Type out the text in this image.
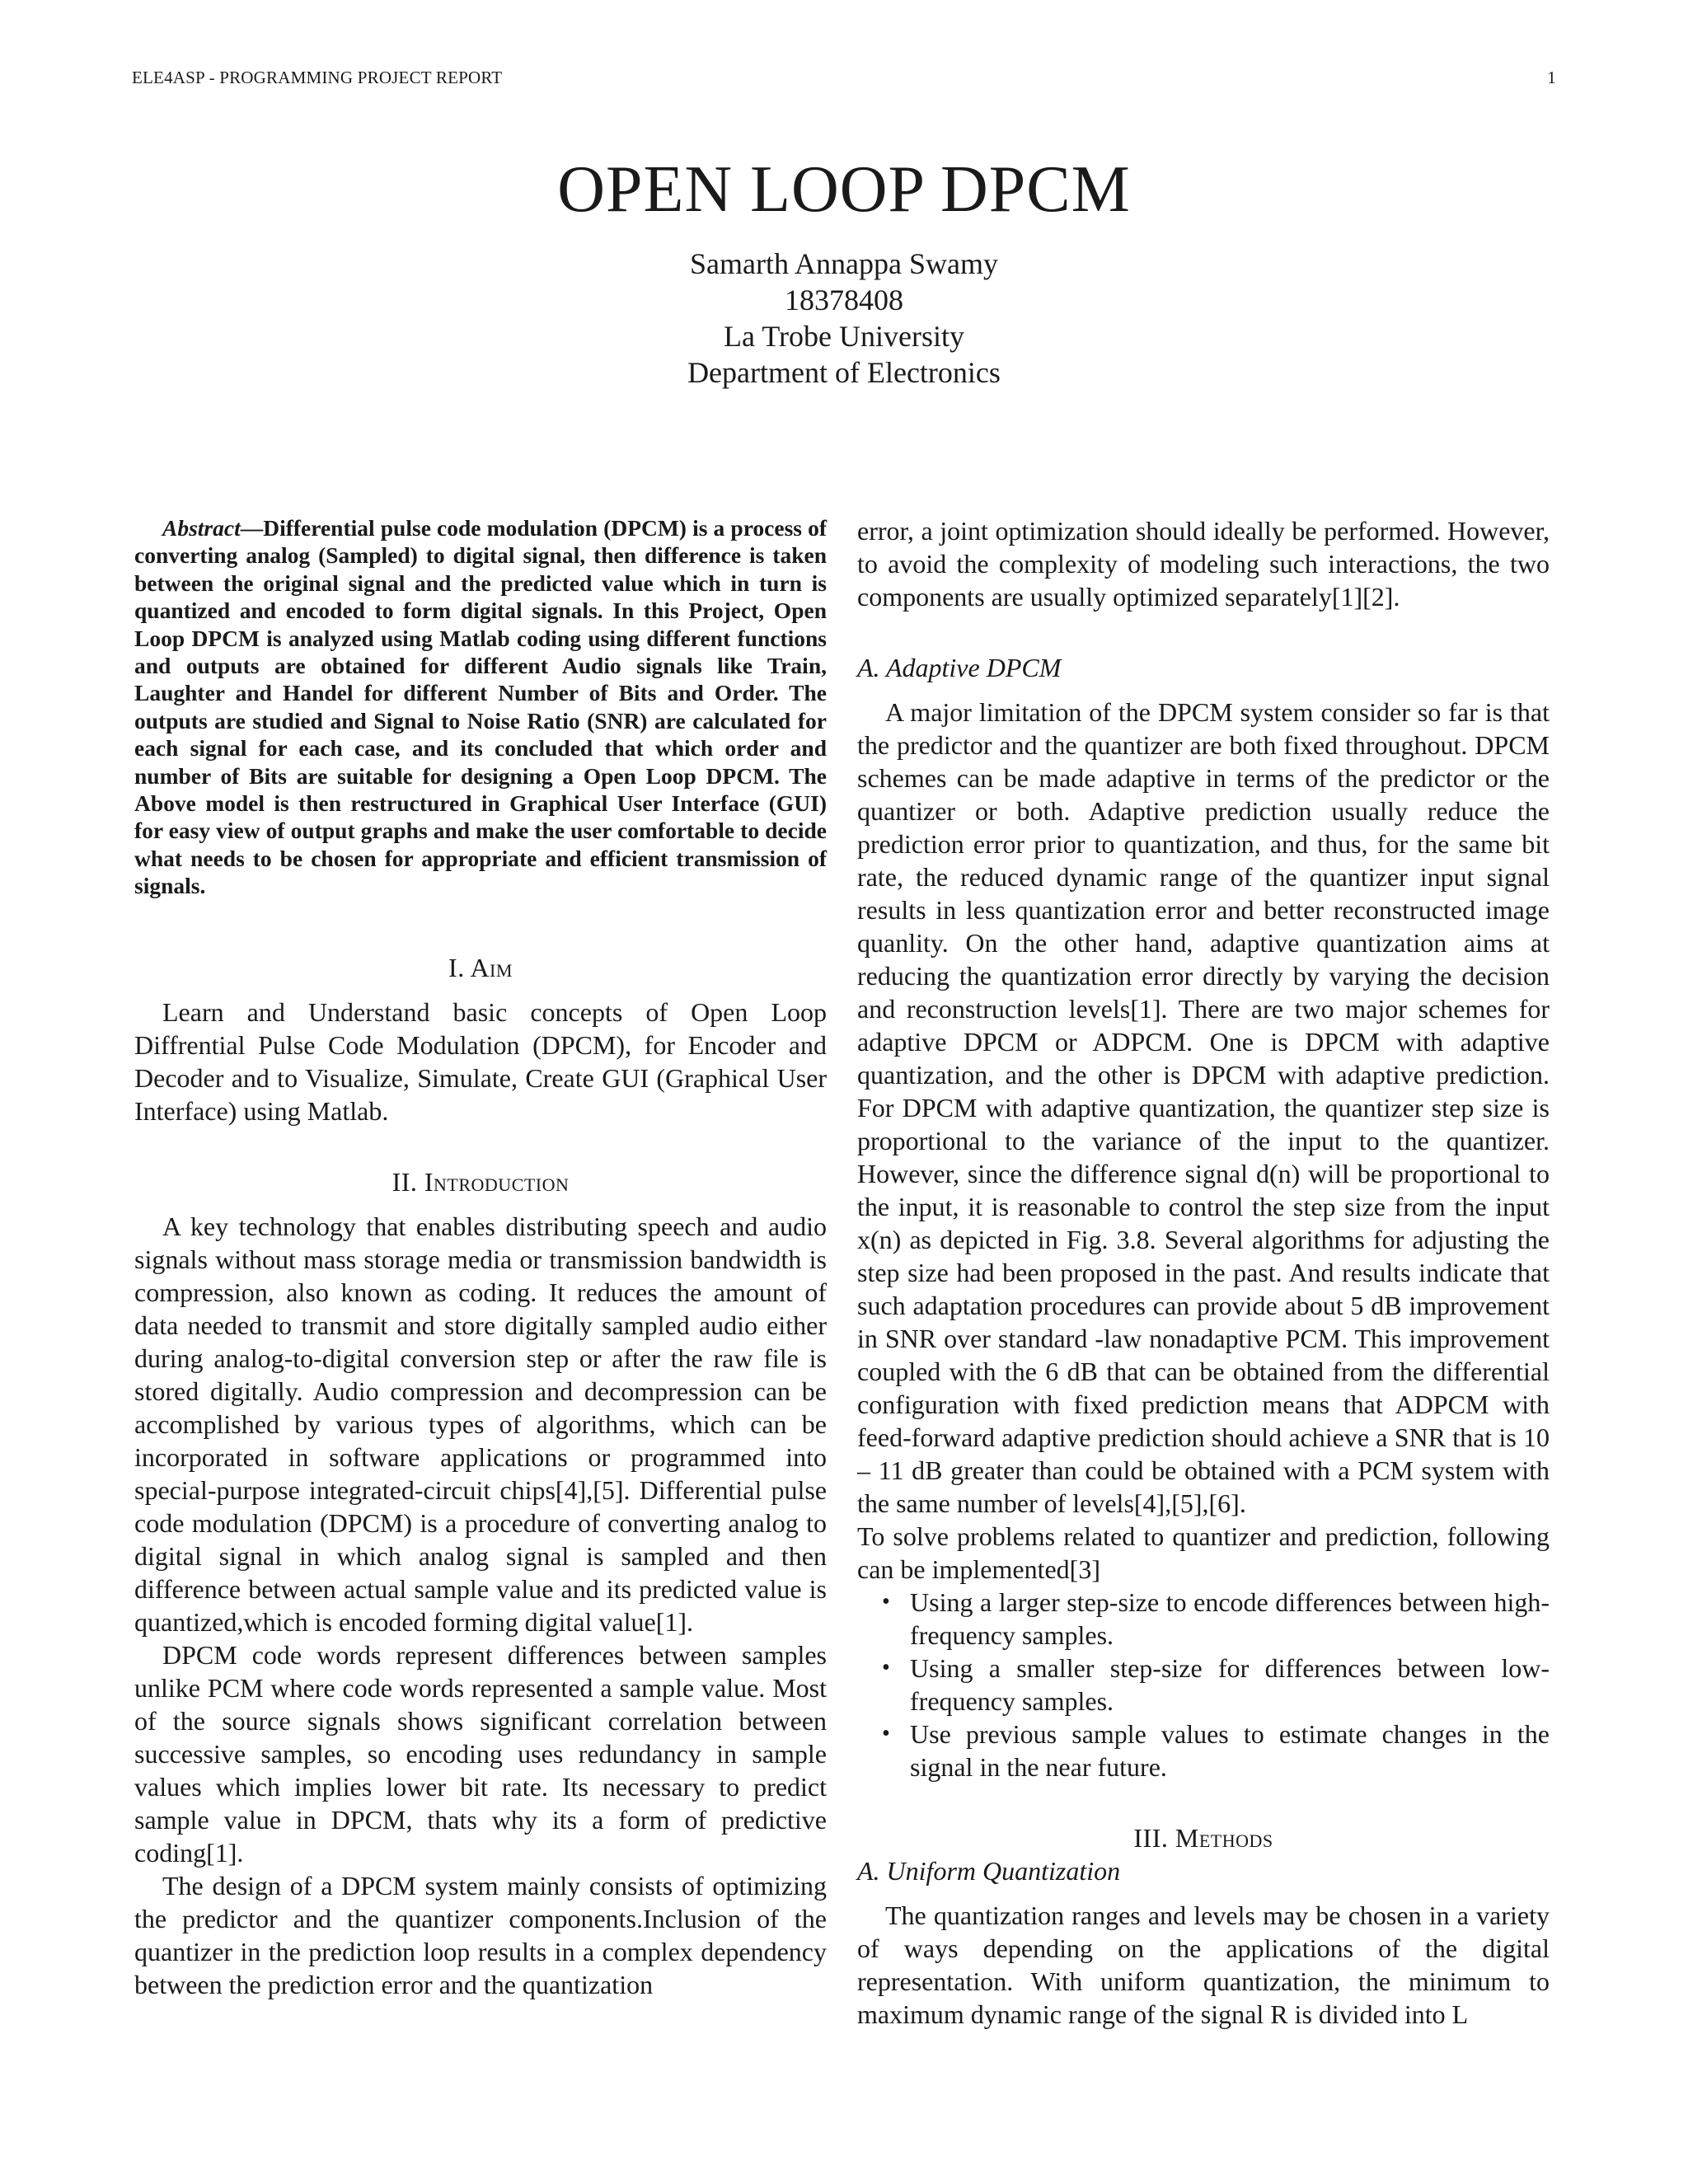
ELE4ASP - PROGRAMMING PROJECT REPORT	1
OPEN LOOP DPCM
Samarth Annappa Swamy
18378408
La Trobe University
Department of Electronics

Abstract—Differential pulse code modulation (DPCM) is a process of converting analog (Sampled) to digital signal, then difference is taken between the original signal and the predicted value which in turn is quantized and encoded to form digital signals. In this Project, Open Loop DPCM is analyzed using Matlab coding using different functions and outputs are obtained for different Audio signals like Train, Laughter and Handel for different Number of Bits and Order. The outputs are studied and Signal to Noise Ratio (SNR) are calculated for each signal for each case, and its concluded that which order and number of Bits are suitable for designing a Open Loop DPCM. The Above model is then restructured in Graphical User Interface (GUI) for easy view of output graphs and make the user comfortable to decide what needs to be chosen for appropriate and efficient transmission of signals.

I. Aim

Learn and Understand basic concepts of Open Loop Diffrential Pulse Code Modulation (DPCM), for Encoder and Decoder and to Visualize, Simulate, Create GUI (Graphical User Interface) using Matlab.

II. Introduction

A key technology that enables distributing speech and audio signals without mass storage media or transmission bandwidth is compression, also known as coding. It reduces the amount of data needed to transmit and store digitally sampled audio either during analog-to-digital conversion step or after the raw file is stored digitally. Audio compression and decompression can be accomplished by various types of algorithms, which can be incorporated in software applications or programmed into special-purpose integrated-circuit chips[4],[5]. Differential pulse code modulation (DPCM) is a procedure of converting analog to digital signal in which analog signal is sampled and then difference between actual sample value and its predicted value is quantized,which is encoded forming digital value[1].

DPCM code words represent differences between samples unlike PCM where code words represented a sample value. Most of the source signals shows significant correlation between successive samples, so encoding uses redundancy in sample values which implies lower bit rate. Its necessary to predict sample value in DPCM, thats why its a form of predictive coding[1].

The design of a DPCM system mainly consists of optimizing the predictor and the quantizer components.Inclusion of the quantizer in the prediction loop results in a complex dependency between the prediction error and the quantization

error, a joint optimization should ideally be performed. However, to avoid the complexity of modeling such interactions, the two components are usually optimized separately[1][2].

A. Adaptive DPCM

A major limitation of the DPCM system consider so far is that the predictor and the quantizer are both fixed throughout. DPCM schemes can be made adaptive in terms of the predictor or the quantizer or both. Adaptive prediction usually reduce the prediction error prior to quantization, and thus, for the same bit rate, the reduced dynamic range of the quantizer input signal results in less quantization error and better reconstructed image quanlity. On the other hand, adaptive quantization aims at reducing the quantization error directly by varying the decision and reconstruction levels[1]. There are two major schemes for adaptive DPCM or ADPCM. One is DPCM with adaptive quantization, and the other is DPCM with adaptive prediction. For DPCM with adaptive quantization, the quantizer step size is proportional to the variance of the input to the quantizer. However, since the difference signal d(n) will be proportional to the input, it is reasonable to control the step size from the input x(n) as depicted in Fig. 3.8. Several algorithms for adjusting the step size had been proposed in the past. And results indicate that such adaptation procedures can provide about 5 dB improvement in SNR over standard -law nonadaptive PCM. This improvement coupled with the 6 dB that can be obtained from the differential configuration with fixed prediction means that ADPCM with feed-forward adaptive prediction should achieve a SNR that is 10 – 11 dB greater than could be obtained with a PCM system with the same number of levels[4],[5],[6].

To solve problems related to quantizer and prediction, following can be implemented[3]

• Using a larger step-size to encode differences between high-frequency samples.
• Using a smaller step-size for differences between low-frequency samples.
• Use previous sample values to estimate changes in the signal in the near future.
III. Methods
A. Uniform Quantization

The quantization ranges and levels may be chosen in a variety of ways depending on the applications of the digital representation. With uniform quantization, the minimum to maximum dynamic range of the signal R is divided into L
